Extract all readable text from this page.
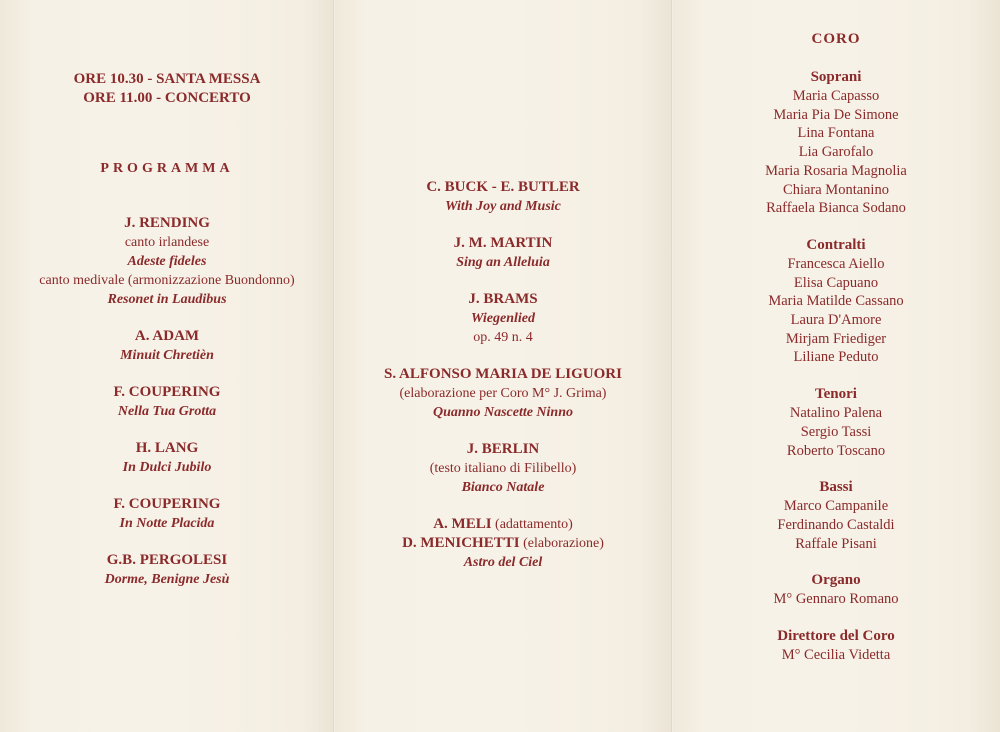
ORE 10.30 - SANTA MESSA
ORE 11.00 - CONCERTO
PROGRAMMA
J. RENDING
canto irlandese
Adeste fideles
canto medivale (armonizzazione Buondonno)
Resonet in Laudibus
A. ADAM
Minuit Chretièn
F. COUPERING
Nella Tua Grotta
H. LANG
In Dulci Jubilo
F. COUPERING
In Notte Placida
G.B. PERGOLESI
Dorme, Benigne Jesù
C. BUCK - E. BUTLER
With Joy and Music
J. M. MARTIN
Sing an Alleluia
J. BRAMS
Wiegenlied
op. 49 n. 4
S. ALFONSO MARIA DE LIGUORI
(elaborazione per Coro M° J. Grima)
Quanno Nascette Ninno
J. BERLIN
(testo italiano di Filibello)
Bianco Natale
A. MELI (adattamento)
D. MENICHETTI (elaborazione)
Astro del Ciel
CORO
Soprani
Maria Capasso
Maria Pia De Simone
Lina Fontana
Lia Garofalo
Maria Rosaria Magnolia
Chiara Montanino
Raffaela Bianca Sodano
Contralti
Francesca Aiello
Elisa Capuano
Maria Matilde Cassano
Laura D'Amore
Mirjam Friediger
Liliane Peduto
Tenori
Natalino Palena
Sergio Tassi
Roberto Toscano
Bassi
Marco Campanile
Ferdinando Castaldi
Raffale Pisani
Organo
M° Gennaro Romano
Direttore del Coro
M° Cecilia Videtta
